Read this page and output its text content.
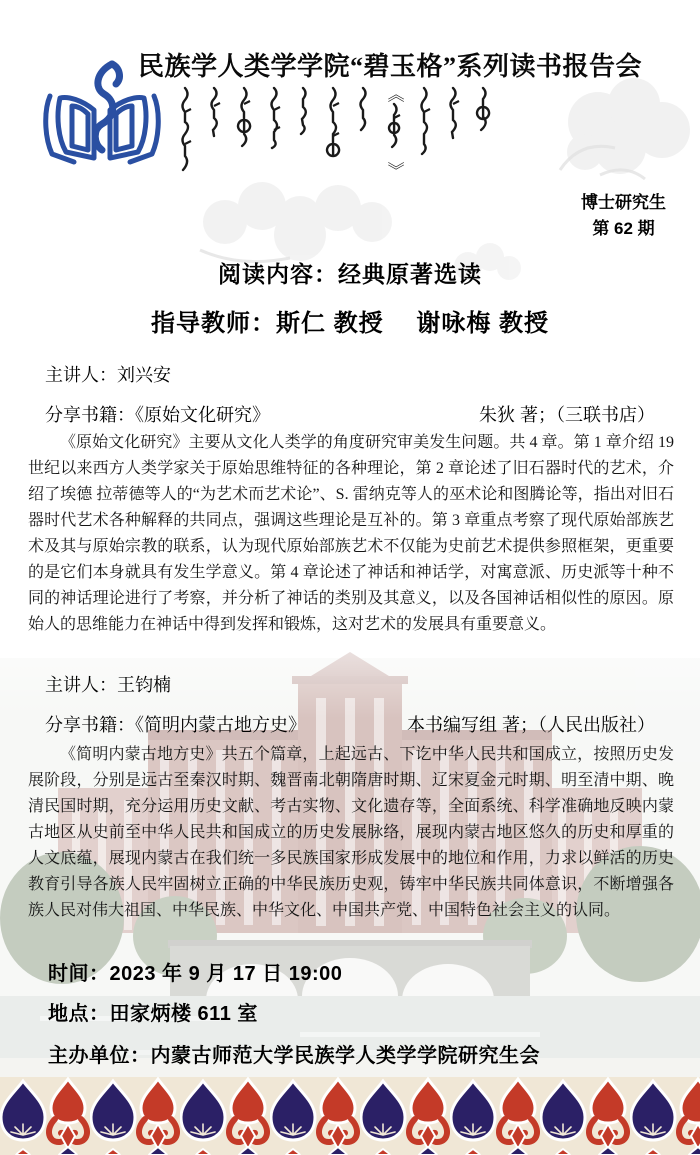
民族学人类学学院“碧玉格”系列读书报告会
《
》
博士研究生
第 62 期
阅读内容：经典原著选读
指导教师：斯仁 教授　 谢咏梅 教授
主讲人：刘兴安
分享书籍：《原始文化研究》	朱狄 著；（三联书店）
《原始文化研究》主要从文化人类学的角度研究审美发生问题。共 4 章。第 1 章介绍 19 世纪以来西方人类学家关于原始思维特征的各种理论，第 2 章论述了旧石器时代的艺术，介绍了埃德 拉蒂德等人的“为艺术而艺术论”、S. 雷纳克等人的巫术论和图腾论等，指出对旧石器时代艺术各种解释的共同点，强调这些理论是互补的。第 3 章重点考察了现代原始部族艺术及其与原始宗教的联系，认为现代原始部族艺术不仅能为史前艺术提供参照框架，更重要的是它们本身就具有发生学意义。第 4 章论述了神话和神话学，对寓意派、历史派等十种不同的神话理论进行了考察，并分析了神话的类别及其意义，以及各国神话相似性的原因。原始人的思维能力在神话中得到发挥和锻炼，这对艺术的发展具有重要意义。
主讲人：王钧楠
分享书籍：《简明内蒙古地方史》	本书编写组 著；（人民出版社）
《简明内蒙古地方史》共五个篇章，上起远古、下讫中华人民共和国成立，按照历史发展阶段，分别是远古至秦汉时期、魏晋南北朝隋唐时期、辽宋夏金元时期、明至清中期、晚清民国时期，充分运用历史文献、考古实物、文化遗存等，全面系统、科学准确地反映内蒙古地区从史前至中华人民共和国成立的历史发展脉络，展现内蒙古地区悠久的历史和厚重的人文底蕴，展现内蒙古在我们统一多民族国家形成发展中的地位和作用，力求以鲜活的历史教育引导各族人民牢固树立正确的中华民族历史观，铸牢中华民族共同体意识，不断增强各族人民对伟大祖国、中华民族、中华文化、中国共产党、中国特色社会主义的认同。
时间：2023 年 9 月 17 日 19:00
地点：田家炳楼 611 室
主办单位：内蒙古师范大学民族学人类学学院研究生会
